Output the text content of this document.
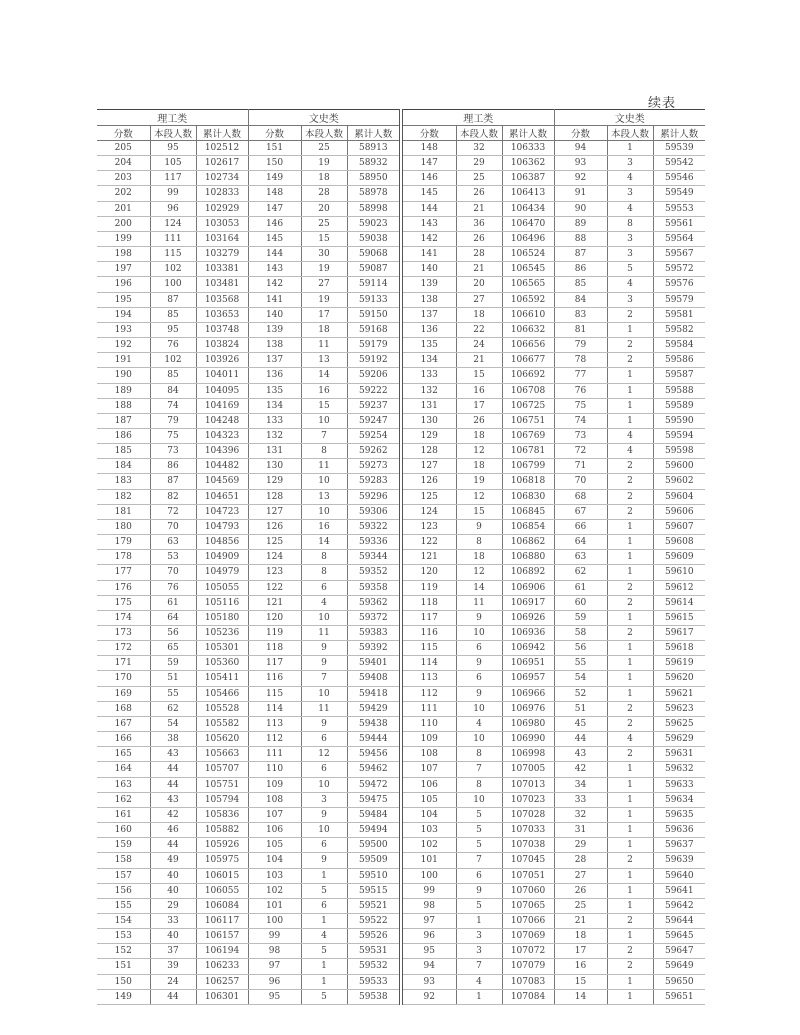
续表
理工类			文史类		
分数	本段人数	累计人数	分数	本段人数	累计人数
205	95	102512	151	25	58913
204	105	102617	150	19	58932
203	117	102734	149	18	58950
202	99	102833	148	28	58978
201	96	102929	147	20	58998
200	124	103053	146	25	59023
199	111	103164	145	15	59038
198	115	103279	144	30	59068
197	102	103381	143	19	59087
196	100	103481	142	27	59114
195	87	103568	141	19	59133
194	85	103653	140	17	59150
193	95	103748	139	18	59168
192	76	103824	138	11	59179
191	102	103926	137	13	59192
190	85	104011	136	14	59206
189	84	104095	135	16	59222
188	74	104169	134	15	59237
187	79	104248	133	10	59247
186	75	104323	132	7	59254
185	73	104396	131	8	59262
184	86	104482	130	11	59273
183	87	104569	129	10	59283
182	82	104651	128	13	59296
181	72	104723	127	10	59306
180	70	104793	126	16	59322
179	63	104856	125	14	59336
178	53	104909	124	8	59344
177	70	104979	123	8	59352
176	76	105055	122	6	59358
175	61	105116	121	4	59362
174	64	105180	120	10	59372
173	56	105236	119	11	59383
172	65	105301	118	9	59392
171	59	105360	117	9	59401
170	51	105411	116	7	59408
169	55	105466	115	10	59418
168	62	105528	114	11	59429
167	54	105582	113	9	59438
166	38	105620	112	6	59444
165	43	105663	111	12	59456
164	44	105707	110	6	59462
163	44	105751	109	10	59472
162	43	105794	108	3	59475
161	42	105836	107	9	59484
160	46	105882	106	10	59494
159	44	105926	105	6	59500
158	49	105975	104	9	59509
157	40	106015	103	1	59510
156	40	106055	102	5	59515
155	29	106084	101	6	59521
154	33	106117	100	1	59522
153	40	106157	99	4	59526
152	37	106194	98	5	59531
151	39	106233	97	1	59532
150	24	106257	96	1	59533
149	44	106301	95	5	59538
理工类			文史类		
分数	本段人数	累计人数	分数	本段人数	累计人数
148	32	106333	94	1	59539
147	29	106362	93	3	59542
146	25	106387	92	4	59546
145	26	106413	91	3	59549
144	21	106434	90	4	59553
143	36	106470	89	8	59561
142	26	106496	88	3	59564
141	28	106524	87	3	59567
140	21	106545	86	5	59572
139	20	106565	85	4	59576
138	27	106592	84	3	59579
137	18	106610	83	2	59581
136	22	106632	81	1	59582
135	24	106656	79	2	59584
134	21	106677	78	2	59586
133	15	106692	77	1	59587
132	16	106708	76	1	59588
131	17	106725	75	1	59589
130	26	106751	74	1	59590
129	18	106769	73	4	59594
128	12	106781	72	4	59598
127	18	106799	71	2	59600
126	19	106818	70	2	59602
125	12	106830	68	2	59604
124	15	106845	67	2	59606
123	9	106854	66	1	59607
122	8	106862	64	1	59608
121	18	106880	63	1	59609
120	12	106892	62	1	59610
119	14	106906	61	2	59612
118	11	106917	60	2	59614
117	9	106926	59	1	59615
116	10	106936	58	2	59617
115	6	106942	56	1	59618
114	9	106951	55	1	59619
113	6	106957	54	1	59620
112	9	106966	52	1	59621
111	10	106976	51	2	59623
110	4	106980	45	2	59625
109	10	106990	44	4	59629
108	8	106998	43	2	59631
107	7	107005	42	1	59632
106	8	107013	34	1	59633
105	10	107023	33	1	59634
104	5	107028	32	1	59635
103	5	107033	31	1	59636
102	5	107038	29	1	59637
101	7	107045	28	2	59639
100	6	107051	27	1	59640
99	9	107060	26	1	59641
98	5	107065	25	1	59642
97	1	107066	21	2	59644
96	3	107069	18	1	59645
95	3	107072	17	2	59647
94	7	107079	16	2	59649
93	4	107083	15	1	59650
92	1	107084	14	1	59651
